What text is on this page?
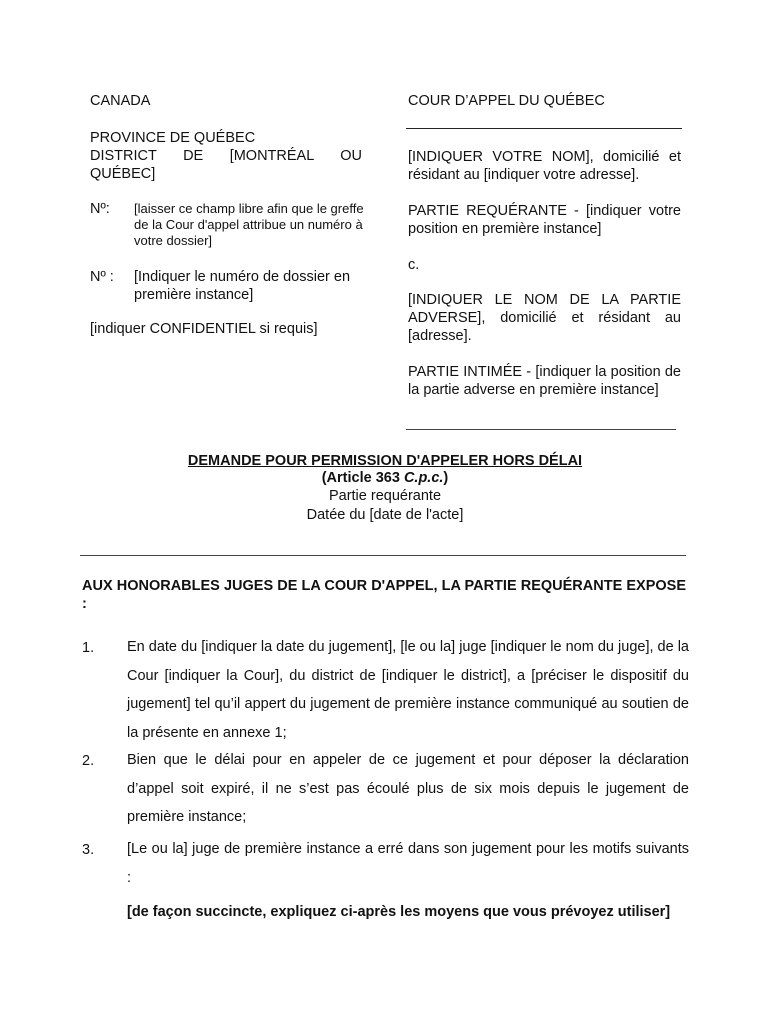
CANADA
PROVINCE DE QUÉBEC
DISTRICT DE [MONTRÉAL OU QUÉBEC]
Nº: [laisser ce champ libre afin que le greffe de la Cour d'appel attribue un numéro à votre dossier]
Nº : [Indiquer le numéro de dossier en première instance]
[indiquer CONFIDENTIEL si requis]
COUR D’APPEL DU QUÉBEC
[INDIQUER VOTRE NOM], domicilié et résidant au [indiquer votre adresse].
PARTIE REQUÉRANTE - [indiquer votre position en première instance]
c.
[INDIQUER LE NOM DE LA PARTIE ADVERSE], domicilié et résidant au [adresse].
PARTIE INTIMÉE - [indiquer la position de la partie adverse en première instance]
DEMANDE POUR PERMISSION D'APPELER HORS DÉLAI
(Article 363 C.p.c.)
Partie requérante
Datée du [date de l'acte]
AUX HONORABLES JUGES DE LA COUR D'APPEL, LA PARTIE REQUÉRANTE EXPOSE :
1. En date du [indiquer la date du jugement], [le ou la] juge [indiquer le nom du juge], de la Cour [indiquer la Cour], du district de [indiquer le district], a [préciser le dispositif du jugement] tel qu’il appert du jugement de première instance communiqué au soutien de la présente en annexe 1;
2. Bien que le délai pour en appeler de ce jugement et pour déposer la déclaration d’appel soit expiré, il ne s’est pas écoulé plus de six mois depuis le jugement de première instance;
3. [Le ou la] juge de première instance a erré dans son jugement pour les motifs suivants :
[de façon succincte, expliquez ci-après les moyens que vous prévoyez utiliser]
